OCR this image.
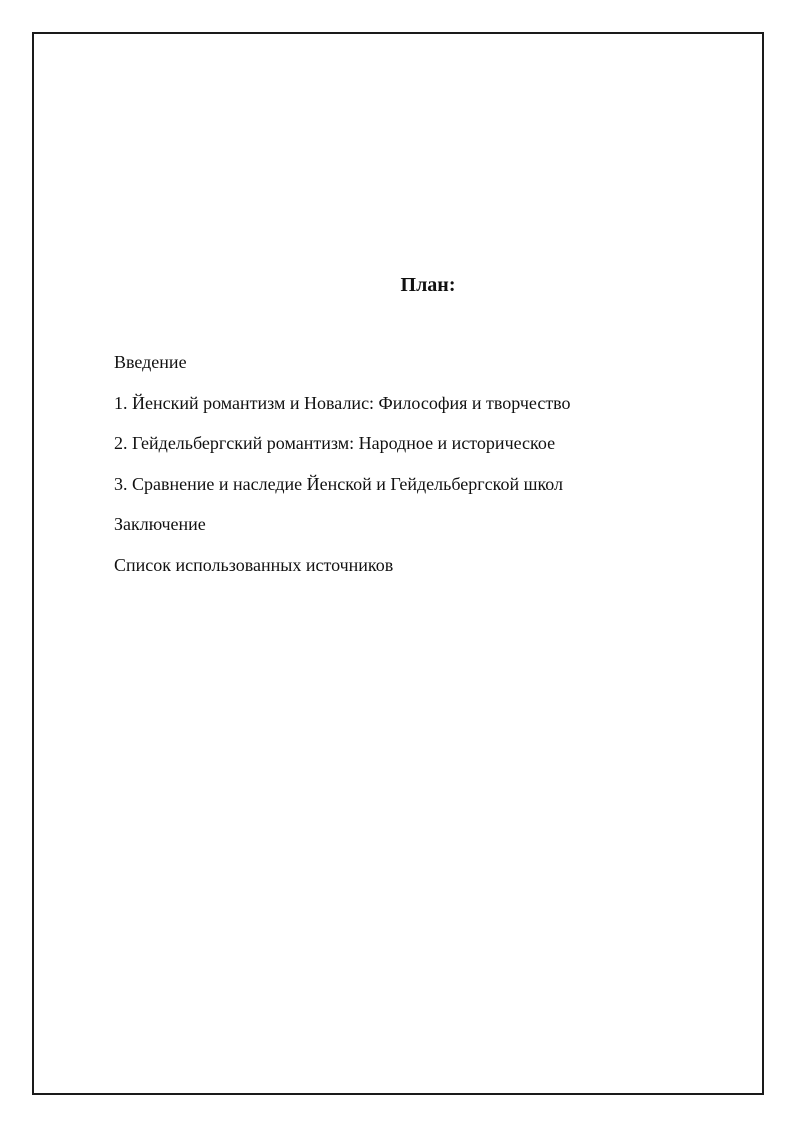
План:
Введение
1. Йенский романтизм и Новалис: Философия и творчество
2. Гейдельбергский романтизм: Народное и историческое
3. Сравнение и наследие Йенской и Гейдельбергской школ
Заключение
Список использованных источников
